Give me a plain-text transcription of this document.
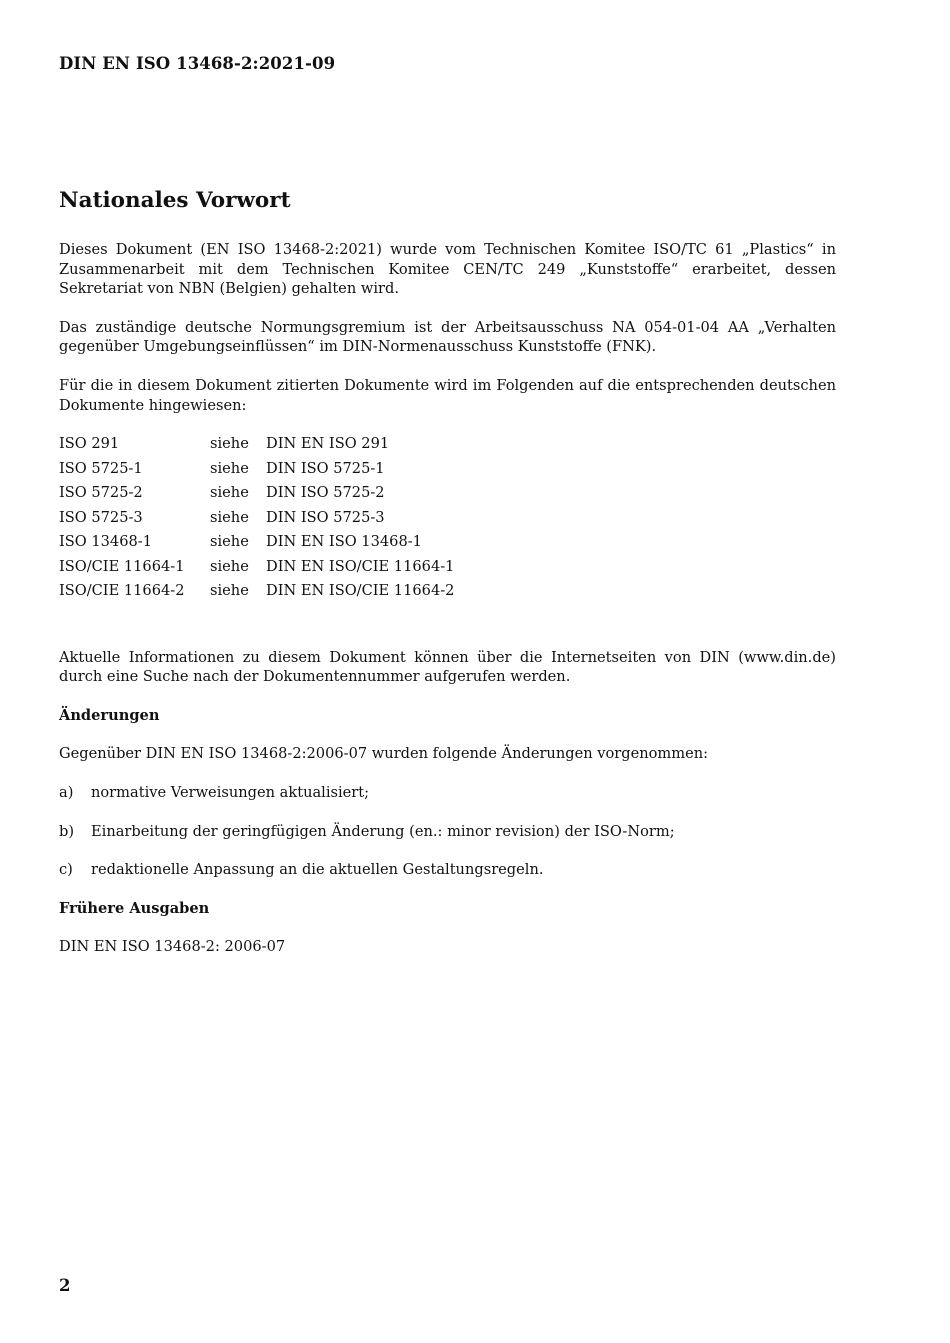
DIN EN ISO 13468-2:2021-09
Nationales Vorwort

Dieses Dokument (EN ISO 13468-2:2021) wurde vom Technischen Komitee ISO/TC 61 „Plastics“ in Zusammenarbeit mit dem Technischen Komitee CEN/TC 249 „Kunststoffe“ erarbeitet, dessen Sekretariat von NBN (Belgien) gehalten wird.

Das zuständige deutsche Normungsgremium ist der Arbeitsausschuss NA 054-01-04 AA „Verhalten gegenüber Umgebungseinflüssen“ im DIN-Normenausschuss Kunststoffe (FNK).

Für die in diesem Dokument zitierten Dokumente wird im Folgenden auf die entsprechenden deutschen Dokumente hingewiesen:

ISO 291	siehe	DIN EN ISO 291
ISO 5725-1	siehe	DIN ISO 5725-1
ISO 5725-2	siehe	DIN ISO 5725-2
ISO 5725-3	siehe	DIN ISO 5725-3
ISO 13468-1	siehe	DIN EN ISO 13468-1
ISO/CIE 11664-1	siehe	DIN EN ISO/CIE 11664-1
ISO/CIE 11664-2	siehe	DIN EN ISO/CIE 11664-2

Aktuelle Informationen zu diesem Dokument können über die Internetseiten von DIN (www.din.de) durch eine Suche nach der Dokumentennummer aufgerufen werden.

Änderungen

Gegenüber DIN EN ISO 13468-2:2006-07 wurden folgende Änderungen vorgenommen:

a)	normative Verweisungen aktualisiert;
b)	Einarbeitung der geringfügigen Änderung (en.: minor revision) der ISO-Norm;
c)	redaktionelle Anpassung an die aktuellen Gestaltungsregeln.
Frühere Ausgaben

DIN EN ISO 13468-2: 2006-07

2
